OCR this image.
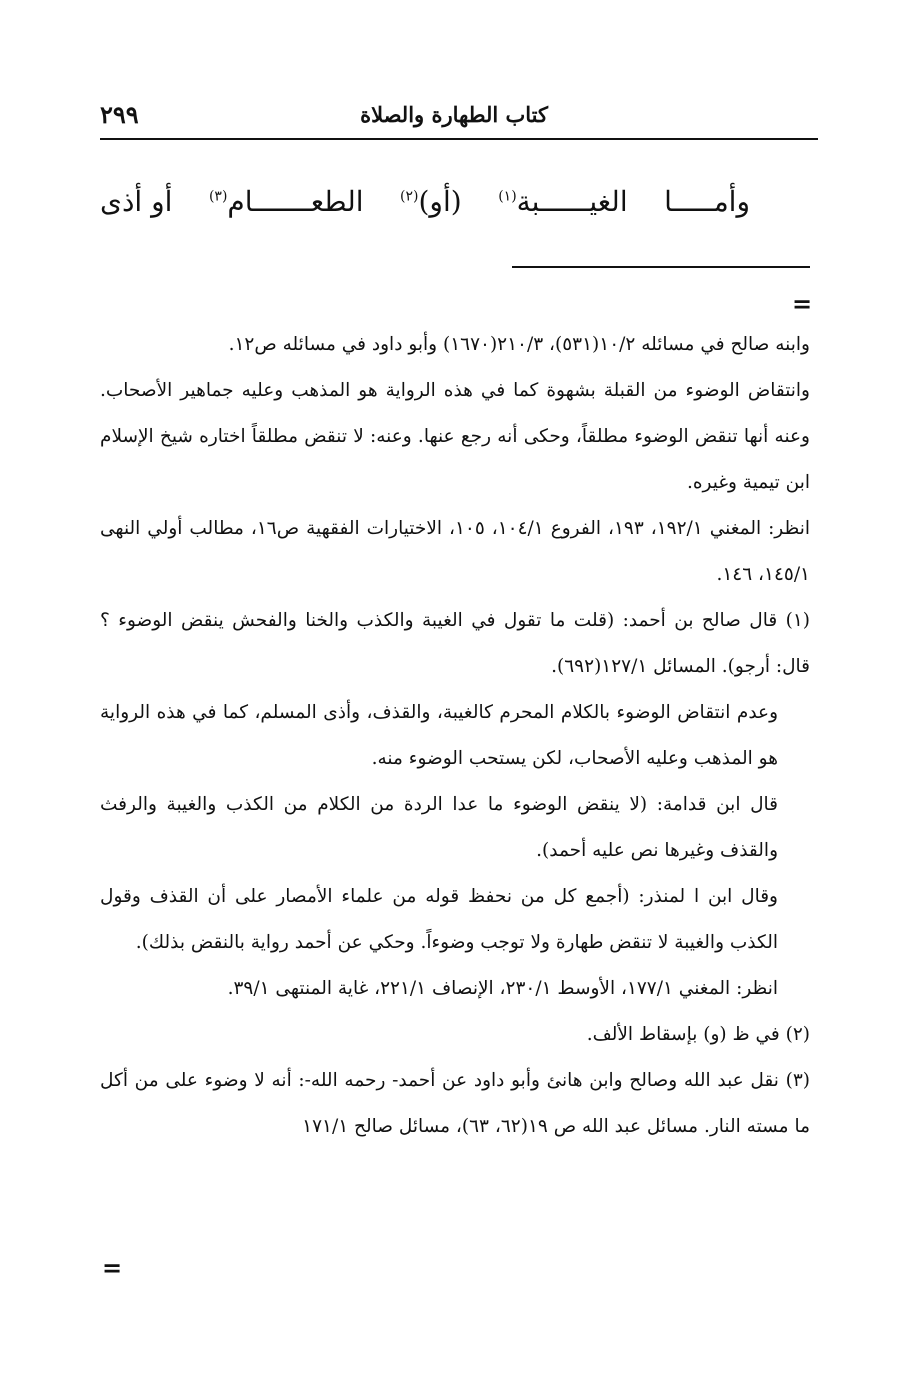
كتاب الطهارة والصلاة
٢٩٩
وأمـــــا
الغيــــــبة$^{(١)}$
(أو)$^{(٢)}$
الطعـــــــام$^{(٣)}$
أو أذى
=

وابنه صالح في مسائله ١٠/٢(٥٣١)، ٢١٠/٣(١٦٧٠) وأبو داود في مسائله ص١٢.

وانتقاض الوضوء من القبلة بشهوة كما في هذه الرواية هو المذهب وعليه جماهير الأصحاب. وعنه أنها تنقض الوضوء مطلقاً، وحكى أنه رجع عنها. وعنه: لا تنقض مطلقاً اختاره شيخ الإسلام ابن تيمية وغيره.

انظر: المغني ١٩٢/١، ١٩٣، الفروع ١٠٤/١، ١٠٥، الاختيارات الفقهية ص١٦، مطالب أولي النهى ١٤٥/١، ١٤٦.

(١) قال صالح بن أحمد: (قلت ما تقول في الغيبة والكذب والخنا والفحش ينقض الوضوء ؟ قال: أرجو). المسائل ١٢٧/١(٦٩٢).

وعدم انتقاض الوضوء بالكلام المحرم كالغيبة، والقذف، وأذى المسلم، كما في هذه الرواية هو المذهب وعليه الأصحاب، لكن يستحب الوضوء منه.

قال ابن قدامة: (لا ينقض الوضوء ما عدا الردة من الكلام من الكذب والغيبة والرفث والقذف وغيرها نص عليه أحمد).

وقال ابن ا لمنذر: (أجمع كل من نحفظ قوله من علماء الأمصار على أن القذف وقول الكذب والغيبة لا تنقض طهارة ولا توجب وضوءاً. وحكي عن أحمد رواية بالنقض بذلك).

انظر: المغني ١٧٧/١، الأوسط ٢٣٠/١، الإنصاف ٢٢١/١، غاية المنتهى ٣٩/١.

(٢) في ظ (و) بإسقاط الألف.

(٣) نقل عبد الله وصالح وابن هانئ وأبو داود عن أحمد- رحمه الله-: أنه لا وضوء على من أكل ما مسته النار. مسائل عبد الله ص ١٩(٦٢، ٦٣)، مسائل صالح ١٧١/١

=
